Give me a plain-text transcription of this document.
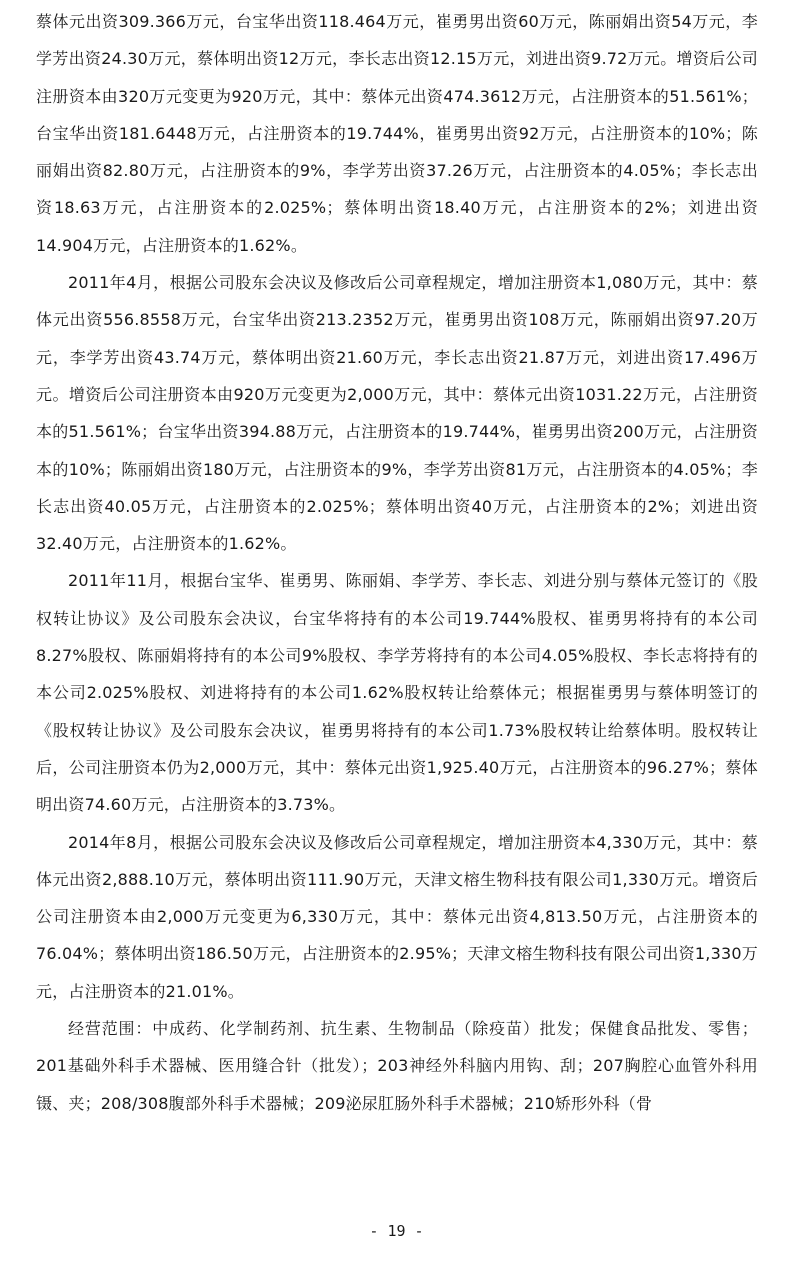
蔡体元出资309.366万元，台宝华出资118.464万元，崔勇男出资60万元，陈丽娟出资54万元，李学芳出资24.30万元，蔡体明出资12万元，李长志出资12.15万元，刘进出资9.72万元。增资后公司注册资本由320万元变更为920万元，其中：蔡体元出资474.3612万元，占注册资本的51.561%；台宝华出资181.6448万元，占注册资本的19.744%，崔勇男出资92万元，占注册资本的10%；陈丽娟出资82.80万元，占注册资本的9%，李学芳出资37.26万元，占注册资本的4.05%；李长志出资18.63万元，占注册资本的2.025%；蔡体明出资18.40万元，占注册资本的2%；刘进出资14.904万元，占注册资本的1.62%。

2011年4月，根据公司股东会决议及修改后公司章程规定，增加注册资本1,080万元，其中：蔡体元出资556.8558万元，台宝华出资213.2352万元，崔勇男出资108万元，陈丽娟出资97.20万元，李学芳出资43.74万元，蔡体明出资21.60万元，李长志出资21.87万元，刘进出资17.496万元。增资后公司注册资本由920万元变更为2,000万元，其中：蔡体元出资1031.22万元，占注册资本的51.561%；台宝华出资394.88万元，占注册资本的19.744%，崔勇男出资200万元，占注册资本的10%；陈丽娟出资180万元，占注册资本的9%，李学芳出资81万元，占注册资本的4.05%；李长志出资40.05万元，占注册资本的2.025%；蔡体明出资40万元，占注册资本的2%；刘进出资32.40万元，占注册资本的1.62%。

2011年11月，根据台宝华、崔勇男、陈丽娟、李学芳、李长志、刘进分别与蔡体元签订的《股权转让协议》及公司股东会决议，台宝华将持有的本公司19.744%股权、崔勇男将持有的本公司8.27%股权、陈丽娟将持有的本公司9%股权、李学芳将持有的本公司4.05%股权、李长志将持有的本公司2.025%股权、刘进将持有的本公司1.62%股权转让给蔡体元；根据崔勇男与蔡体明签订的《股权转让协议》及公司股东会决议，崔勇男将持有的本公司1.73%股权转让给蔡体明。股权转让后，公司注册资本仍为2,000万元，其中：蔡体元出资1,925.40万元，占注册资本的96.27%；蔡体明出资74.60万元，占注册资本的3.73%。

2014年8月，根据公司股东会决议及修改后公司章程规定，增加注册资本4,330万元，其中：蔡体元出资2,888.10万元，蔡体明出资111.90万元，天津文榕生物科技有限公司1,330万元。增资后公司注册资本由2,000万元变更为6,330万元，其中：蔡体元出资4,813.50万元，占注册资本的76.04%；蔡体明出资186.50万元，占注册资本的2.95%；天津文榕生物科技有限公司出资1,330万元，占注册资本的21.01%。

经营范围：中成药、化学制药剂、抗生素、生物制品（除疫苗）批发；保健食品批发、零售；201基础外科手术器械、医用缝合针（批发）；203神经外科脑内用钩、刮；207胸腔心血管外科用镊、夹；208/308腹部外科手术器械；209泌尿肛肠外科手术器械；210矫形外科（骨

- 19 -
